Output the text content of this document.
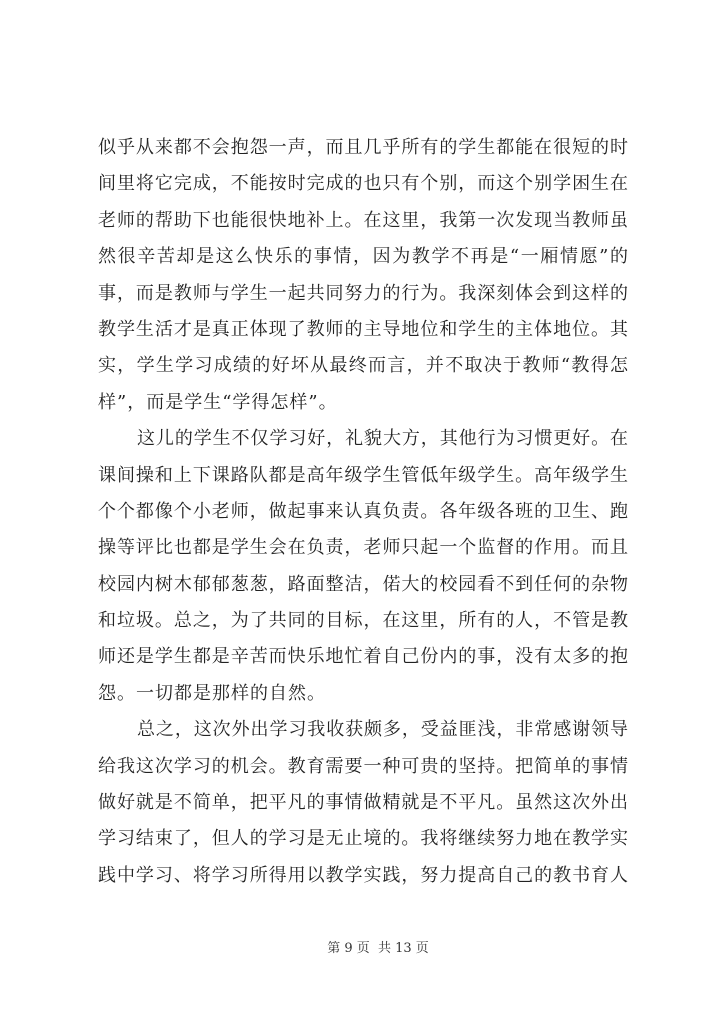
似乎从来都不会抱怨一声，而且几乎所有的学生都能在很短的时
间里将它完成，不能按时完成的也只有个别，而这个别学困生在
老师的帮助下也能很快地补上。在这里，我第一次发现当教师虽
然很辛苦却是这么快乐的事情，因为教学不再是“一厢情愿”的
事，而是教师与学生一起共同努力的行为。我深刻体会到这样的
教学生活才是真正体现了教师的主导地位和学生的主体地位。其
实，学生学习成绩的好坏从最终而言，并不取决于教师“教得怎
样”，而是学生“学得怎样”。
这儿的学生不仅学习好，礼貌大方，其他行为习惯更好。在
课间操和上下课路队都是高年级学生管低年级学生。高年级学生
个个都像个小老师，做起事来认真负责。各年级各班的卫生、跑
操等评比也都是学生会在负责，老师只起一个监督的作用。而且
校园内树木郁郁葱葱，路面整洁，偌大的校园看不到任何的杂物
和垃圾。总之，为了共同的目标，在这里，所有的人，不管是教
师还是学生都是辛苦而快乐地忙着自己份内的事，没有太多的抱
怨。一切都是那样的自然。
总之，这次外出学习我收获颇多，受益匪浅，非常感谢领导
给我这次学习的机会。教育需要一种可贵的坚持。把简单的事情
做好就是不简单，把平凡的事情做精就是不平凡。虽然这次外出
学习结束了，但人的学习是无止境的。我将继续努力地在教学实
践中学习、将学习所得用以教学实践，努力提高自己的教书育人
第 9 页  共 13 页
